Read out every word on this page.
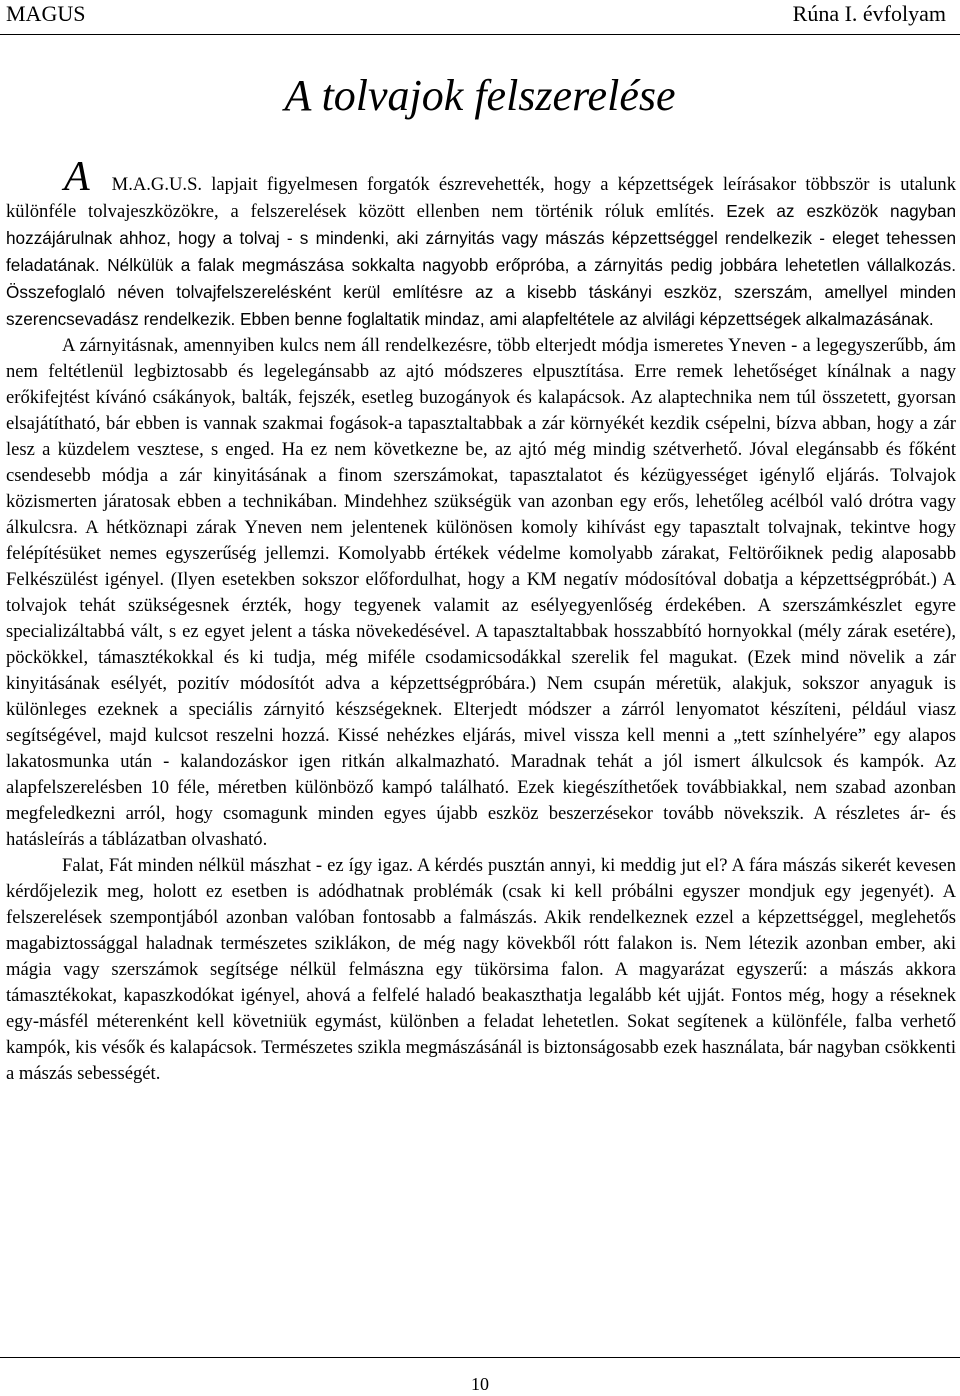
MAGUS	Rúna I. évfolyam
A tolvajok felszerelése

A M.A.G.U.S. lapjait figyelmesen forgatók észrevehették, hogy a képzettségek leírásakor többször is utalunk különféle tolvajeszközökre, a felszerelések között ellenben nem történik róluk említés. Ezek az eszközök nagyban hozzájárulnak ahhoz, hogy a tolvaj - s mindenki, aki zárnyitás vagy mászás képzettséggel rendelkezik - eleget tehessen feladatának. Nélkülük a falak megmászása sokkalta nagyobb erőpróba, a zárnyitás pedig jobbára lehetetlen vállalkozás. Összefoglaló néven tolvajfelszerelésként kerül említésre az a kisebb táskányi eszköz, szerszám, amellyel minden szerencsevadász rendelkezik. Ebben benne foglaltatik mindaz, ami alapfeltétele az alvilági képzettségek alkalmazásának.

A zárnyitásnak, amennyiben kulcs nem áll rendelkezésre, több elterjedt módja ismeretes Yneven - a legegyszerűbb, ám nem feltétlenül legbiztosabb és legelegánsabb az ajtó módszeres elpusztítása. Erre remek lehetőséget kínálnak a nagy erőkifejtést kívánó csákányok, balták, fejszék, esetleg buzogányok és kalapácsok. Az alaptechnika nem túl összetett, gyorsan elsajátítható, bár ebben is vannak szakmai fogások-a tapasztaltabbak a zár környékét kezdik csépelni, bízva abban, hogy a zár lesz a küzdelem vesztese, s enged. Ha ez nem következne be, az ajtó még mindig szétverhető. Jóval elegánsabb és főként csendesebb módja a zár kinyitásának a finom szerszámokat, tapasztalatot és kézügyességet igénylő eljárás. Tolvajok közismerten járatosak ebben a technikában. Mindehhez szükségük van azonban egy erős, lehetőleg acélból való drótra vagy álkulcsra. A hétköznapi zárak Yneven nem jelentenek különösen komoly kihívást egy tapasztalt tolvajnak, tekintve hogy felépítésüket nemes egyszerűség jellemzi. Komolyabb értékek védelme komolyabb zárakat, Feltörőiknek pedig alaposabb Felkészülést igényel. (Ilyen esetekben sokszor előfordulhat, hogy a KM negatív módosítóval dobatja a képzettségpróbát.) A tolvajok tehát szükségesnek érzték, hogy tegyenek valamit az esélyegyenlőség érdekében. A szerszámkészlet egyre specializáltabbá vált, s ez egyet jelent a táska növekedésével. A tapasztaltabbak hosszabbító hornyokkal (mély zárak esetére), pöckökkel, támasztékokkal és ki tudja, még miféle csodamicsodákkal szerelik fel magukat. (Ezek mind növelik a zár kinyitásának esélyét, pozitív módosítót adva a képzettségpróbára.) Nem csupán méretük, alakjuk, sokszor anyaguk is különleges ezeknek a speciális zárnyitó készségeknek. Elterjedt módszer a zárról lenyomatot készíteni, például viasz segítségével, majd kulcsot reszelni hozzá. Kissé nehézkes eljárás, mivel vissza kell menni a „tett színhelyére” egy alapos lakatosmunka után - kalandozáskor igen ritkán alkalmazható. Maradnak tehát a jól ismert álkulcsok és kampók. Az alapfelszerelésben 10 féle, méretben különböző kampó található. Ezek kiegészíthetőek továbbiakkal, nem szabad azonban megfeledkezni arról, hogy csomagunk minden egyes újabb eszköz beszerzésekor tovább növekszik. A részletes ár- és hatásleírás a táblázatban olvasható.

Falat, Fát minden nélkül mászhat - ez így igaz. A kérdés pusztán annyi, ki meddig jut el? A fára mászás sikerét kevesen kérdőjelezik meg, holott ez esetben is adódhatnak problémák (csak ki kell próbálni egyszer mondjuk egy jegenyét). A felszerelések szempontjából azonban valóban fontosabb a falmászás. Akik rendelkeznek ezzel a képzettséggel, meglehetős magabiztossággal haladnak természetes sziklákon, de még nagy kövekből rótt falakon is. Nem létezik azonban ember, aki mágia vagy szerszámok segítsége nélkül felmászna egy tükörsima falon. A magyarázat egyszerű: a mászás akkora támasztékokat, kapaszkodókat igényel, ahová a felfelé haladó beakaszthatja legalább két ujját. Fontos még, hogy a réseknek egy-másfél méterenként kell követniük egymást, különben a feladat lehetetlen. Sokat segítenek a különféle, falba verhető kampók, kis vésők és kalapácsok. Természetes szikla megmászásánál is biztonságosabb ezek használata, bár nagyban csökkenti a mászás sebességét.

10
